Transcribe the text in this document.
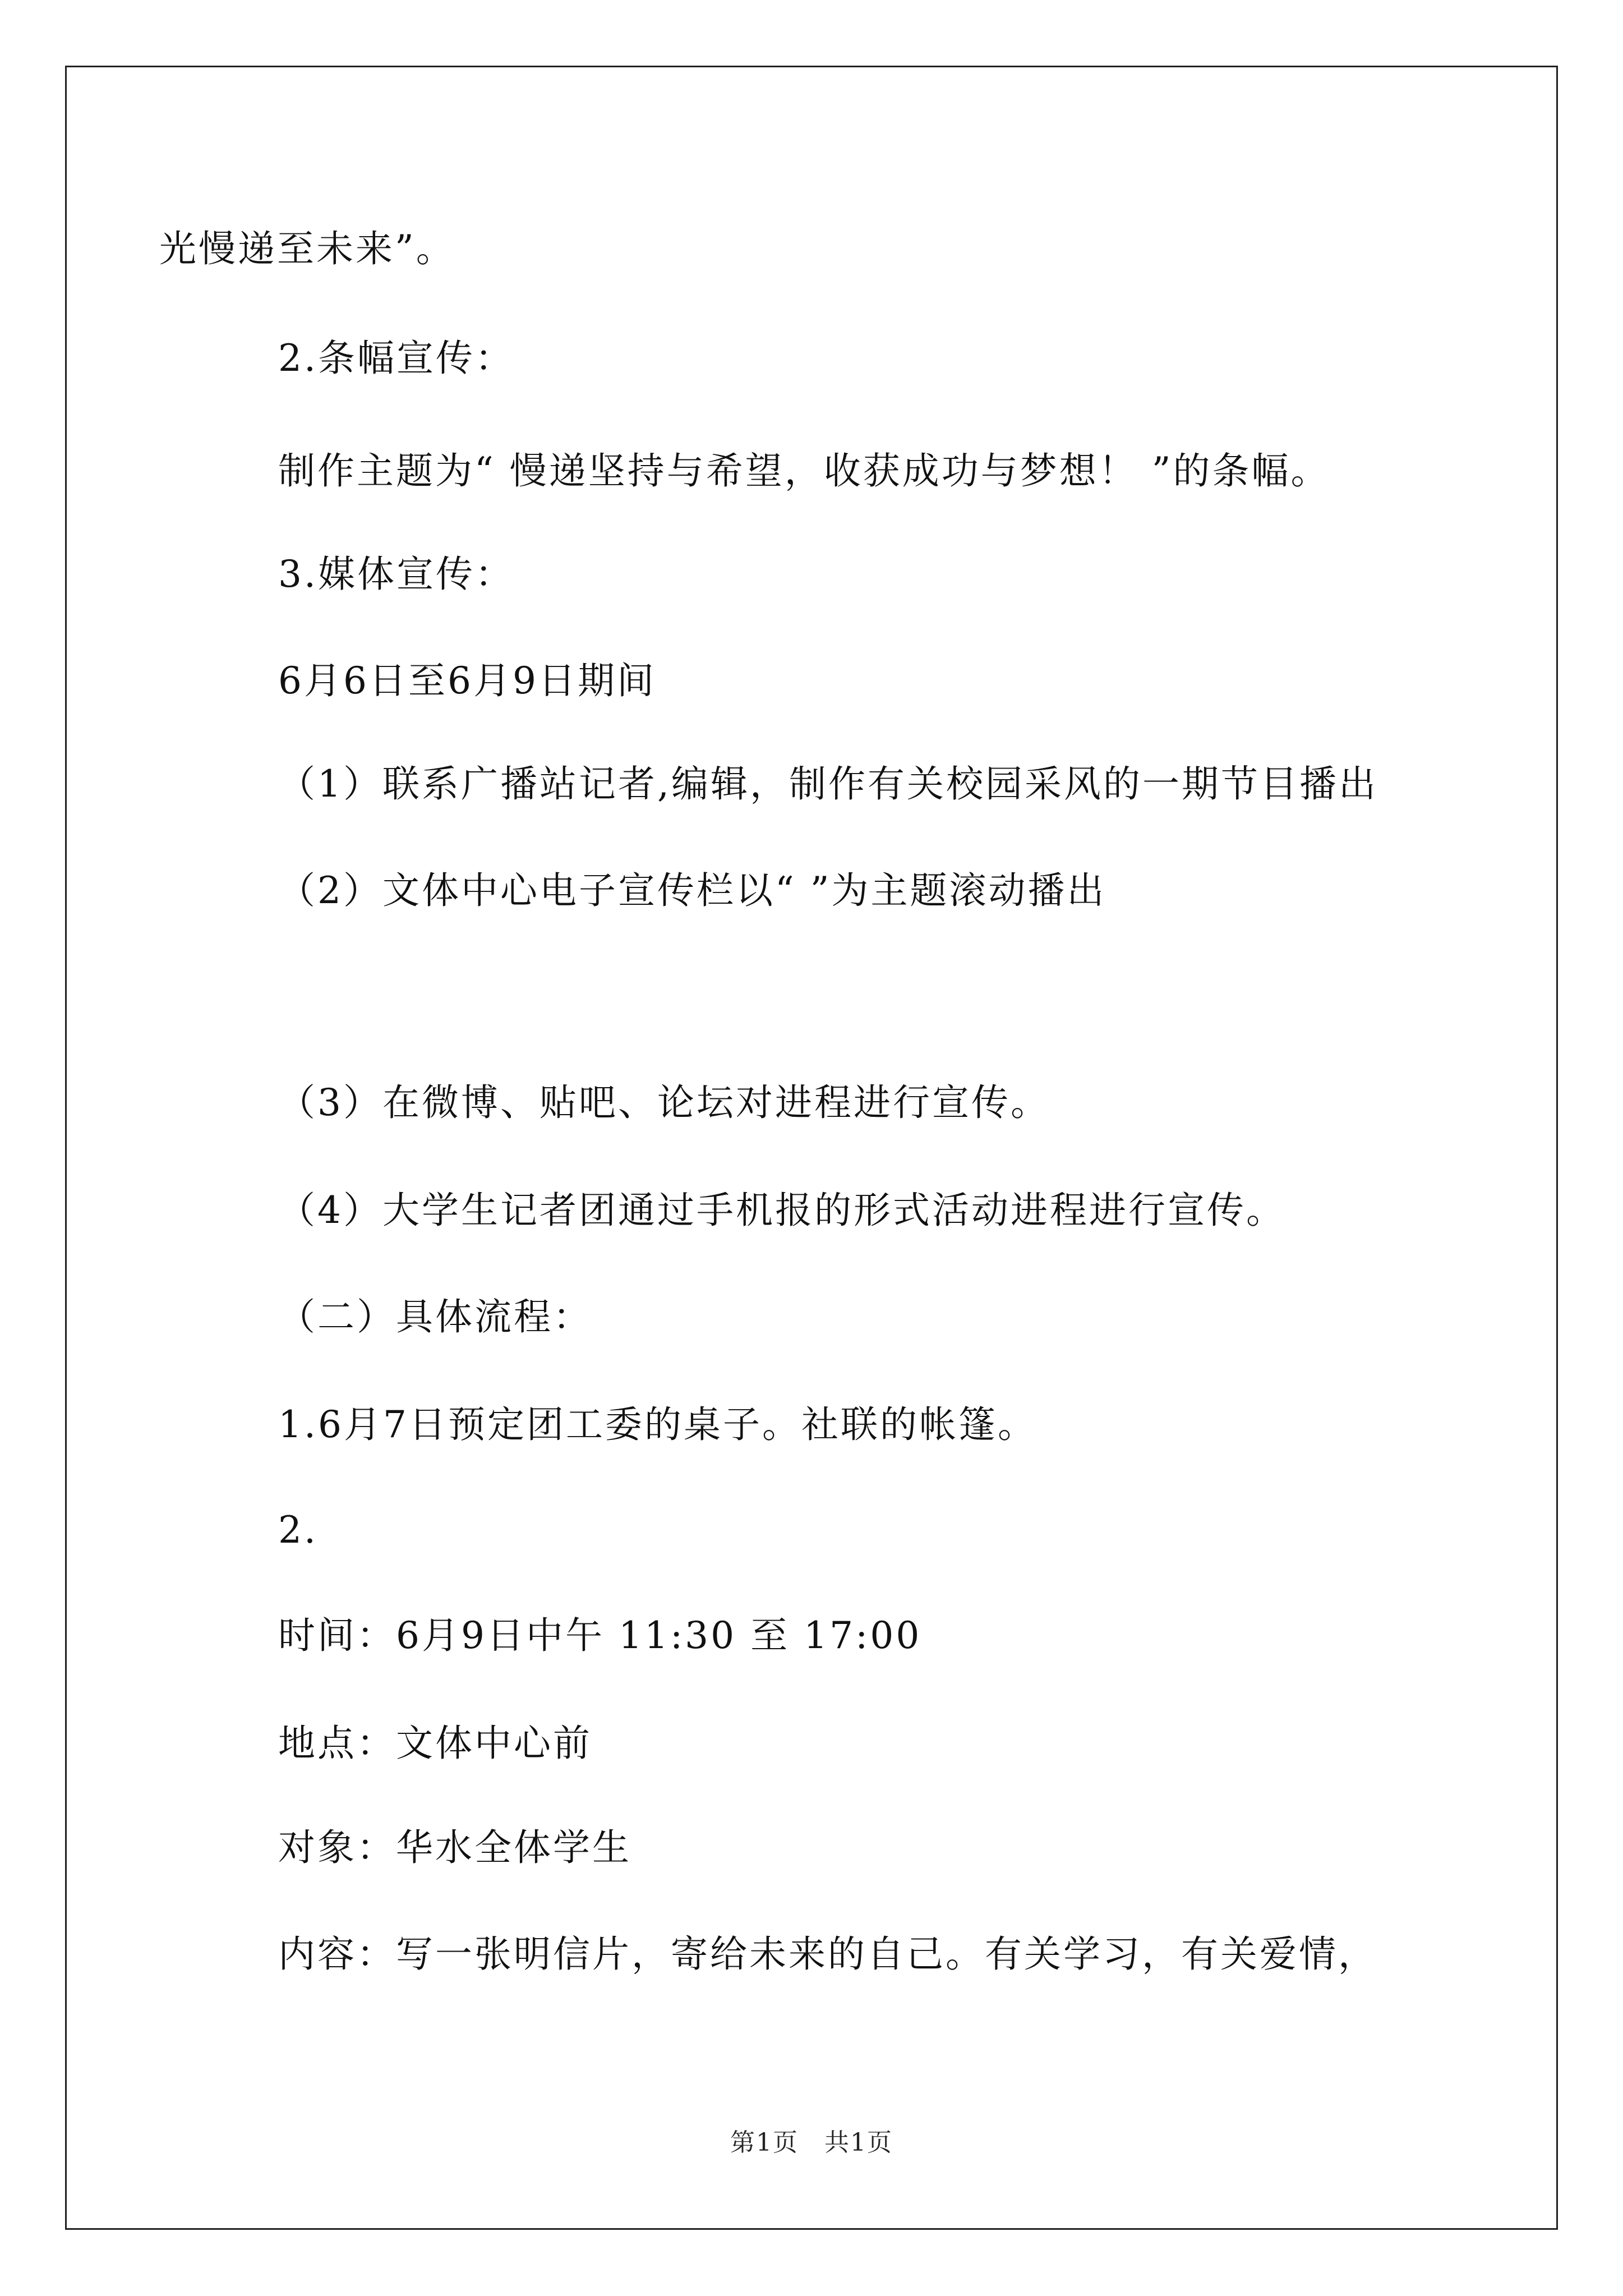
光慢递至未来”。
2.条幅宣传：
制作主题为“ 慢递坚持与希望，收获成功与梦想！ ”的条幅。
3.媒体宣传：
6月6日至6月9日期间
（1）联系广播站记者,编辑，制作有关校园采风的一期节目播出
（2）文体中心电子宣传栏以“ ”为主题滚动播出
（3）在微博、贴吧、论坛对进程进行宣传。
（4）大学生记者团通过手机报的形式活动进程进行宣传。
（二）具体流程：
1.6月7日预定团工委的桌子。社联的帐篷。
2.
时间：6月9日中午 11:30 至 17:00
地点：文体中心前
对象：华水全体学生
内容：写一张明信片，寄给未来的自己。有关学习，有关爱情，
第1页　共1页
